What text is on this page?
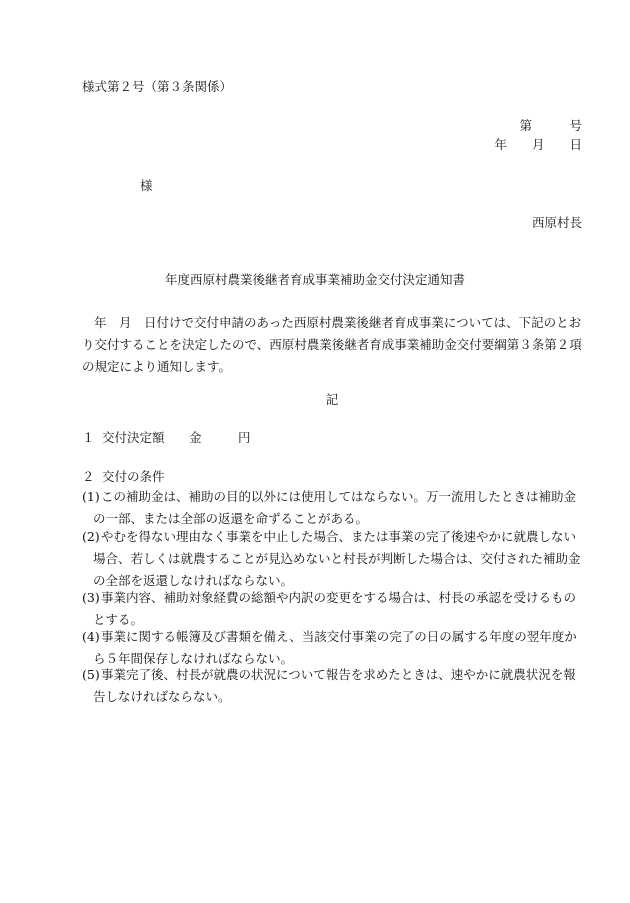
様式第２号（第３条関係）
第　　　号
年　　月　　日
様
西原村長
年度西原村農業後継者育成事業補助金交付決定通知書
年　月　日付けで交付申請のあった西原村農業後継者育成事業については、下記のとおり交付することを決定したので、西原村農業後継者育成事業補助金交付要綱第３条第２項の規定により通知します。
記
１ 交付決定額 金	円
２ 交付の条件
(1) この補助金は、補助の目的以外には使用してはならない。万一流用したときは補助金の一部、または全部の返還を命ずることがある。
(2) やむを得ない理由なく事業を中止した場合、または事業の完了後速やかに就農しない場合、若しくは就農することが見込めないと村長が判断した場合は、交付された補助金の全部を返還しなければならない。
(3) 事業内容、補助対象経費の総額や内訳の変更をする場合は、村長の承認を受けるものとする。
(4) 事業に関する帳簿及び書類を備え、当該交付事業の完了の日の属する年度の翌年度から５年間保存しなければならない。
(5) 事業完了後、村長が就農の状況について報告を求めたときは、速やかに就農状況を報告しなければならない。
